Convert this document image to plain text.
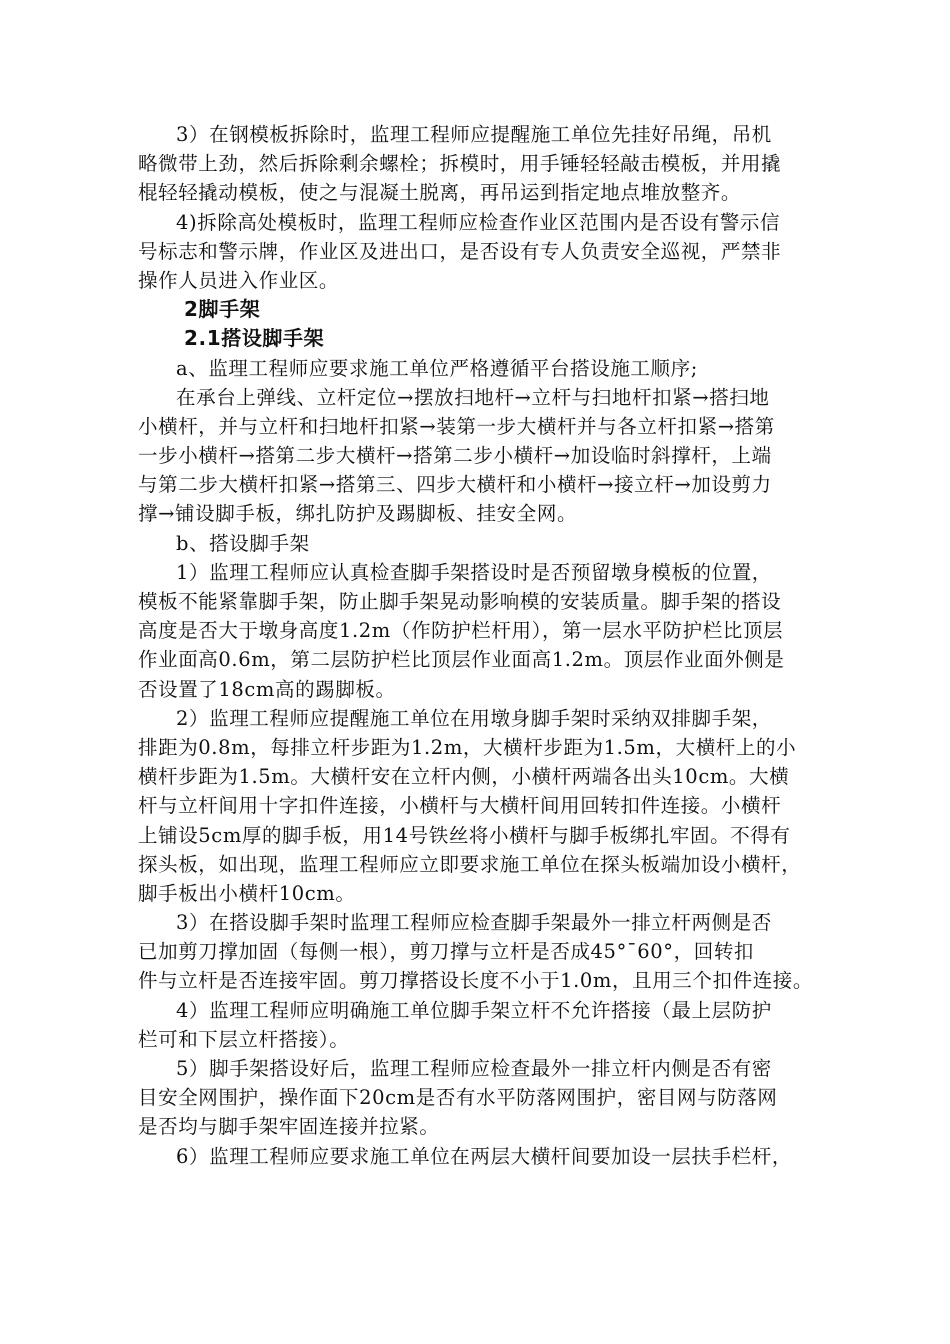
3）在钢模板拆除时，监理工程师应提醒施工单位先挂好吊绳，吊机
略微带上劲，然后拆除剩余螺栓；拆模时，用手锤轻轻敲击模板，并用撬
棍轻轻撬动模板，使之与混凝土脱离，再吊运到指定地点堆放整齐。
4)拆除高处模板时，监理工程师应检查作业区范围内是否设有警示信
号标志和警示牌，作业区及进出口，是否设有专人负责安全巡视，严禁非
操作人员进入作业区。
2脚手架
2.1搭设脚手架
a、监理工程师应要求施工单位严格遵循平台搭设施工顺序;
在承台上弹线、立杆定位→摆放扫地杆→立杆与扫地杆扣紧→搭扫地
小横杆，并与立杆和扫地杆扣紧→装第一步大横杆并与各立杆扣紧→搭第
一步小横杆→搭第二步大横杆→搭第二步小横杆→加设临时斜撑杆，上端
与第二步大横杆扣紧→搭第三、四步大横杆和小横杆→接立杆→加设剪力
撑→铺设脚手板，绑扎防护及踢脚板、挂安全网。
b、搭设脚手架
1）监理工程师应认真检查脚手架搭设时是否预留墩身模板的位置，
模板不能紧靠脚手架，防止脚手架晃动影响模的安装质量。脚手架的搭设
高度是否大于墩身高度1.2m（作防护栏杆用），第一层水平防护栏比顶层
作业面高0.6m，第二层防护栏比顶层作业面高1.2m。顶层作业面外侧是
否设置了18cm高的踢脚板。
2）监理工程师应提醒施工单位在用墩身脚手架时采纳双排脚手架，
排距为0.8m，每排立杆步距为1.2m，大横杆步距为1.5m，大横杆上的小
横杆步距为1.5m。大横杆安在立杆内侧，小横杆两端各出头10cm。大横
杆与立杆间用十字扣件连接，小横杆与大横杆间用回转扣件连接。小横杆
上铺设5cm厚的脚手板，用14号铁丝将小横杆与脚手板绑扎牢固。不得有
探头板，如出现，监理工程师应立即要求施工单位在探头板端加设小横杆，
脚手板出小横杆10cm。
3）在搭设脚手架时监理工程师应检查脚手架最外一排立杆两侧是否
已加剪刀撑加固（每侧一根），剪刀撑与立杆是否成45°¯60°，回转扣
件与立杆是否连接牢固。剪刀撑搭设长度不小于1.0m，且用三个扣件连接。
4）监理工程师应明确施工单位脚手架立杆不允许搭接（最上层防护
栏可和下层立杆搭接）。
5）脚手架搭设好后，监理工程师应检查最外一排立杆内侧是否有密
目安全网围护，操作面下20cm是否有水平防落网围护，密目网与防落网
是否均与脚手架牢固连接并拉紧。
6）监理工程师应要求施工单位在两层大横杆间要加设一层扶手栏杆，
